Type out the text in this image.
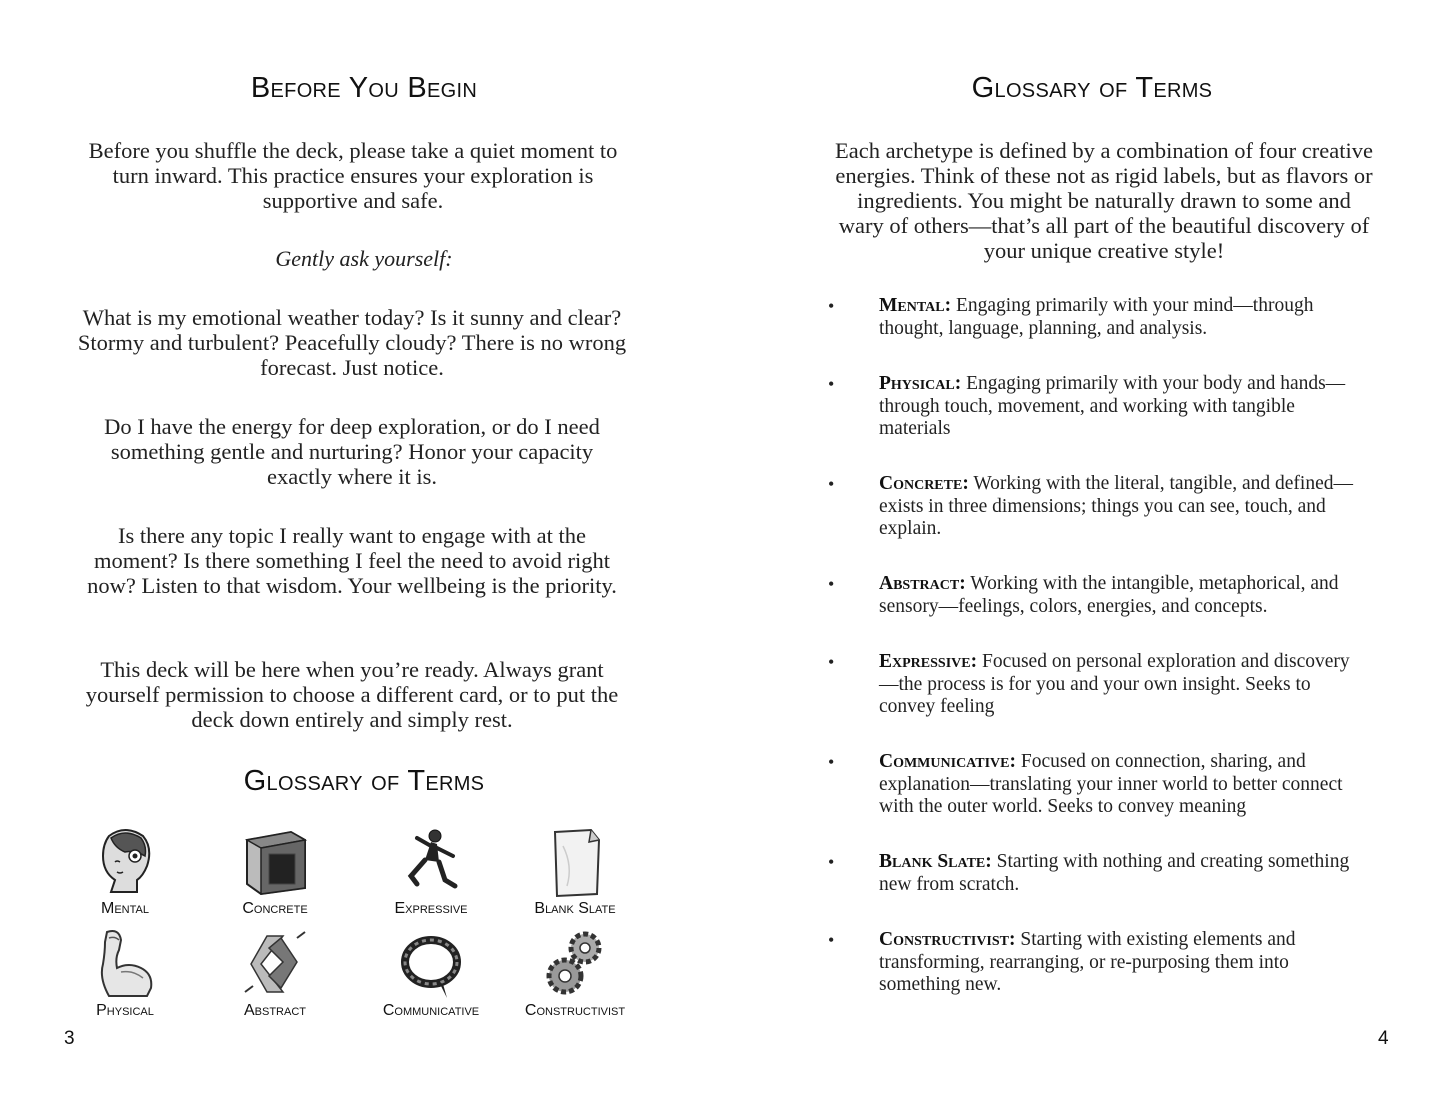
Before You Begin

Before you shuffle the deck, please take a quiet moment to turn inward. This practice ensures your exploration is supportive and safe.

Gently ask yourself:

What is my emotional weather today? Is it sunny and clear? Stormy and turbulent? Peacefully cloudy? There is no wrong forecast. Just notice.

Do I have the energy for deep exploration, or do I need something gentle and nurturing? Honor your capacity exactly where it is.

Is there any topic I really want to engage with at the moment? Is there something I feel the need to avoid right now? Listen to that wisdom. Your wellbeing is the priority.

This deck will be here when you’re ready. Always grant yourself permission to choose a different card, or to put the deck down entirely and simply rest.

Glossary of Terms
Mental	Concrete	Expressive	Blank Slate
Physical	Abstract	Communicative	Constructivist
3
Glossary of Terms

Each archetype is defined by a combination of four creative energies. Think of these not as rigid labels, but as flavors or ingredients. You might be naturally drawn to some and wary of others—that’s all part of the beautiful discovery of your unique creative style!

• Mental: Engaging primarily with your mind—through thought, language, planning, and analysis.
• Physical: Engaging primarily with your body and hands—through touch, movement, and working with tangible materials
• Concrete: Working with the literal, tangible, and defined— exists in three dimensions; things you can see, touch, and explain.
• Abstract: Working with the intangible, metaphorical, and sensory—feelings, colors, energies, and concepts.
• Expressive: Focused on personal exploration and discovery—the process is for you and your own insight. Seeks to convey feeling
• Communicative: Focused on connection, sharing, and explanation—translating your inner world to better connect with the outer world. Seeks to convey meaning
• Blank Slate: Starting with nothing and creating something new from scratch.
• Constructivist: Starting with existing elements and transforming, rearranging, or re-purposing them into something new.
4
